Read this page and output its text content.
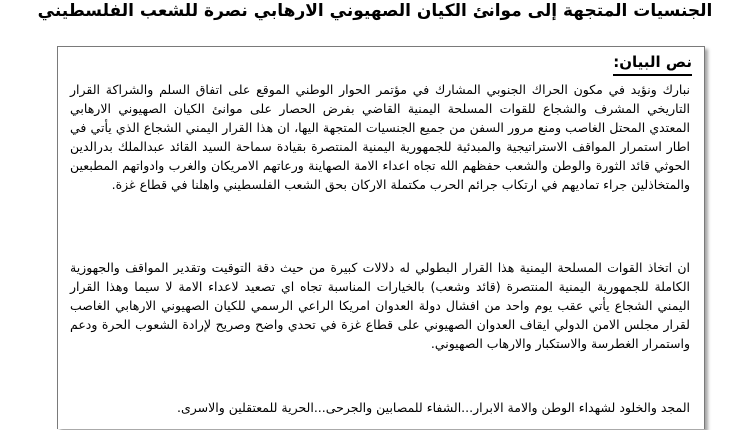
الجنسيات المتجهة إلى موانئ الكيان الصهيوني الارهابي نصرة للشعب الفلسطيني
نص البيان:

نبارك ونؤيد في مكون الحراك الجنوبي المشارك في مؤتمر الحوار الوطني الموقع على اتفاق السلم والشراكة القرار التاريخي المشرف والشجاع للقوات المسلحة اليمنية القاضي بفرض الحصار على موانئ الكيان الصهيوني الارهابي المعتدي المحتل الغاصب ومنع مرور السفن من جميع الجنسيات المتجهة اليها، ان هذا القرار اليمني الشجاع الذي يأتي في اطار استمرار المواقف الاستراتيجية والمبدئية للجمهورية اليمنية المنتصرة بقيادة سماحة السيد القائد عبدالملك بدرالدين الحوثي قائد الثورة والوطن والشعب حفظهم الله تجاه اعداء الامة الصهاينة ورعاتهم الامريكان والغرب وادواتهم المطبعين والمتخاذلين جراء تماديهم في ارتكاب جرائم الحرب مكتملة الاركان بحق الشعب الفلسطيني واهلنا في قطاع غزة.

ان اتخاذ القوات المسلحة اليمنية هذا القرار البطولي له دلالات كبيرة من حيث دقة التوقيت وتقدير المواقف والجهوزية الكاملة للجمهورية اليمنية المنتصرة (قائد وشعب) بالخيارات المناسبة تجاه اي تصعيد لاعداء الامة لا سيما وهذا القرار اليمني الشجاع يأتي عقب يوم واحد من افشال دولة العدوان امريكا الراعي الرسمي للكيان الصهيوني الارهابي الغاصب لقرار مجلس الامن الدولي ايقاف العدوان الصهيوني على قطاع غزة في تحدي واضح وصريح لإرادة الشعوب الحرة ودعم واستمرار الغطرسة والاستكبار والارهاب الصهيوني.

المجد والخلود لشهداء الوطن والامة الابرار...الشفاء للمصابين والجرحى...الحرية للمعتقلين والاسرى.
